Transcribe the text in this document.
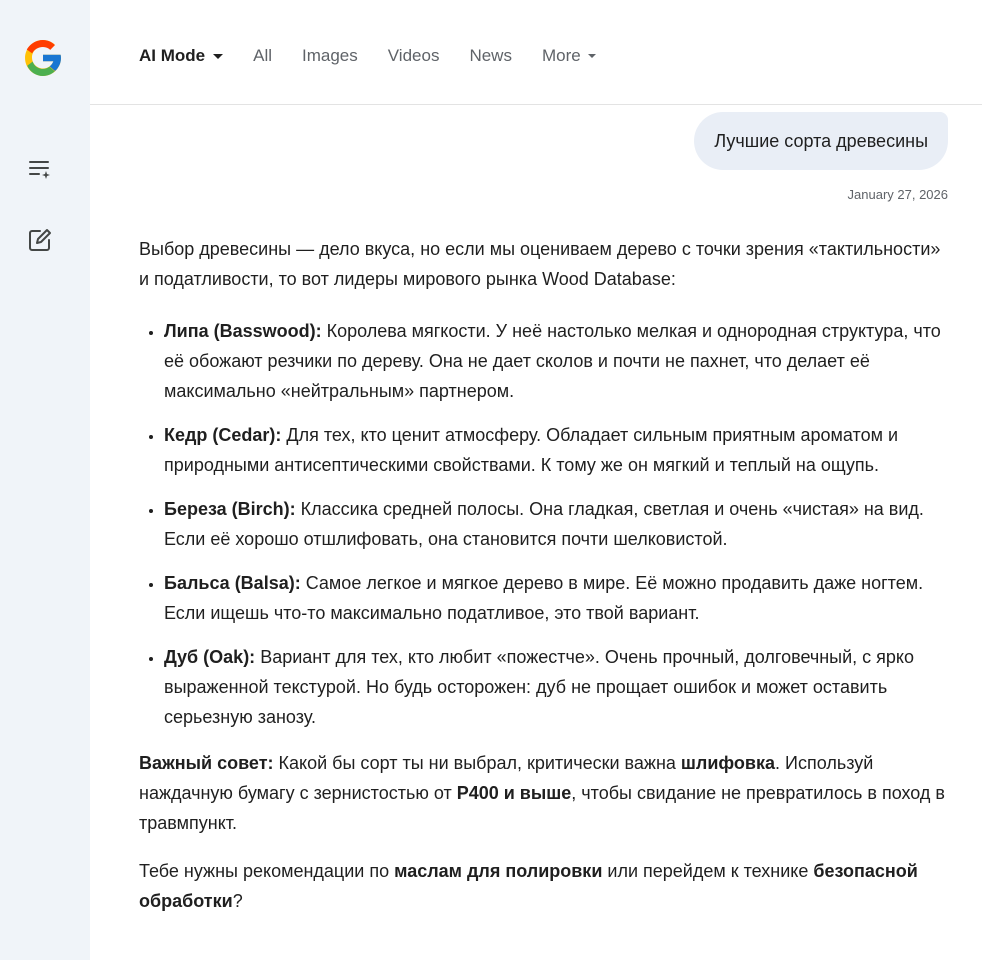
AI Mode	All Images Videos News More
Лучшие сорта древесины
January 27, 2026

Выбор древесины — дело вкуса, но если мы оцениваем дерево с точки зрения «тактильности» и податливости, то вот лидеры мирового рынка Wood Database:

• Липа (Basswood): Королева мягкости. У неё настолько мелкая и однородная структура, что её обожают резчики по дереву. Она не дает сколов и почти не пахнет, что делает её максимально «нейтральным» партнером.
• Кедр (Cedar): Для тех, кто ценит атмосферу. Обладает сильным приятным ароматом и природными антисептическими свойствами. К тому же он мягкий и теплый на ощупь.
• Береза (Birch): Классика средней полосы. Она гладкая, светлая и очень «чистая» на вид. Если её хорошо отшлифовать, она становится почти шелковистой.
• Бальса (Balsa): Самое легкое и мягкое дерево в мире. Её можно продавить даже ногтем. Если ищешь что-то максимально податливое, это твой вариант.
• Дуб (Oak): Вариант для тех, кто любит «пожестче». Очень прочный, долговечный, с ярко выраженной текстурой. Но будь осторожен: дуб не прощает ошибок и может оставить серьезную занозу.

Важный совет: Какой бы сорт ты ни выбрал, критически важна шлифовка. Используй наждачную бумагу с зернистостью от P400 и выше, чтобы свидание не превратилось в поход в травмпункт.

Тебе нужны рекомендации по маслам для полировки или перейдем к технике безопасной обработки?
